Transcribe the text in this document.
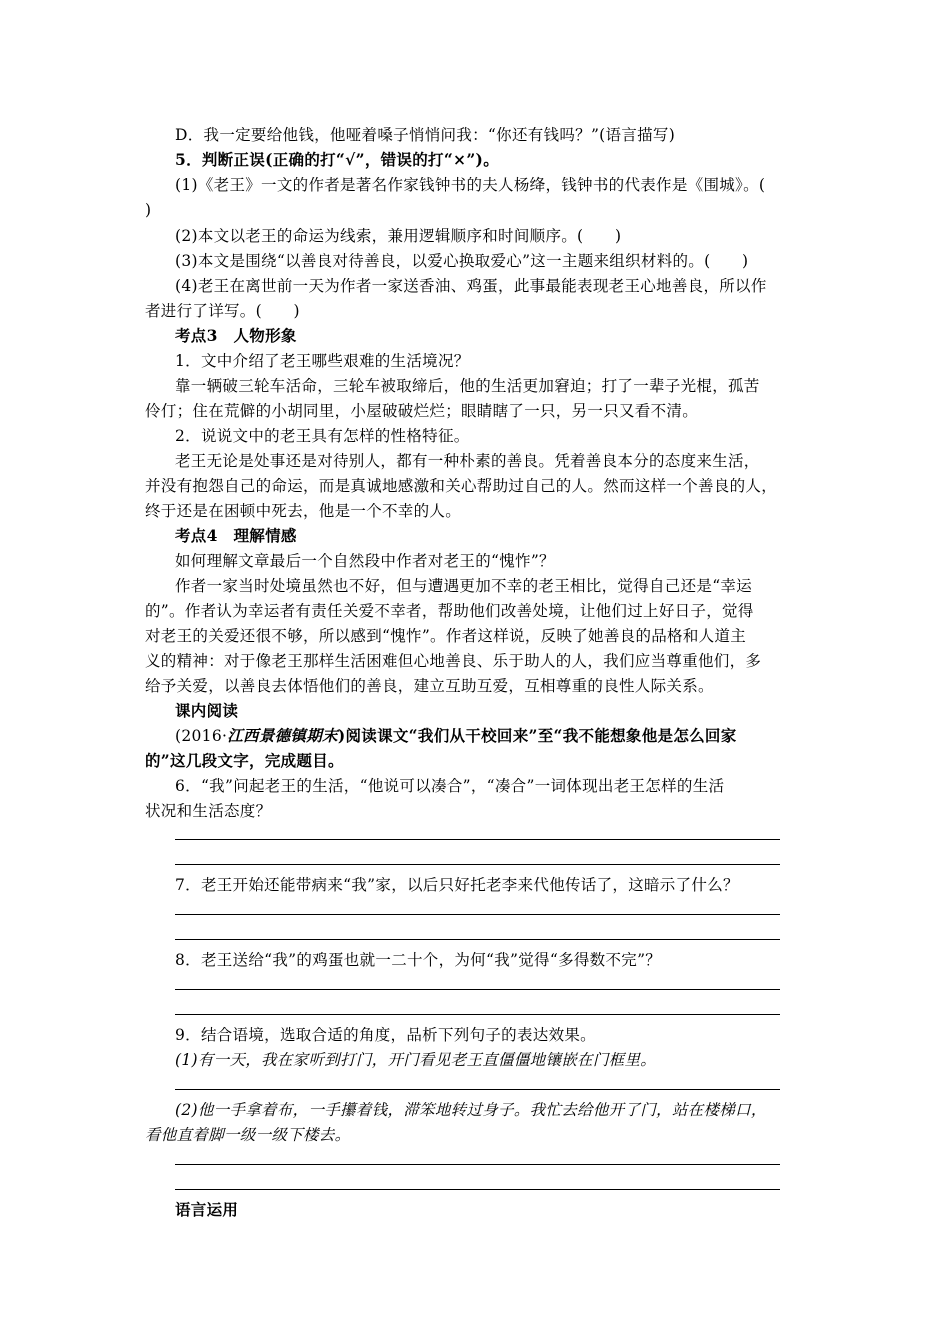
D．我一定要给他钱，他哑着嗓子悄悄问我：“你还有钱吗？”(语言描写)
5．判断正误(正确的打“√”，错误的打“×”)。
(1)《老王》一文的作者是著名作家钱钟书的夫人杨绛，钱钟书的代表作是《围城》。(
)
(2)本文以老王的命运为线索，兼用逻辑顺序和时间顺序。(　　)
(3)本文是围绕“以善良对待善良，以爱心换取爱心”这一主题来组织材料的。(　　)
(4)老王在离世前一天为作者一家送香油、鸡蛋，此事最能表现老王心地善良，所以作
者进行了详写。(　　)
考点3　人物形象
1．文中介绍了老王哪些艰难的生活境况？
靠一辆破三轮车活命，三轮车被取缔后，他的生活更加窘迫；打了一辈子光棍，孤苦
伶仃；住在荒僻的小胡同里，小屋破破烂烂；眼睛瞎了一只，另一只又看不清。
2．说说文中的老王具有怎样的性格特征。
老王无论是处事还是对待别人，都有一种朴素的善良。凭着善良本分的态度来生活，
并没有抱怨自己的命运，而是真诚地感激和关心帮助过自己的人。然而这样一个善良的人，
终于还是在困顿中死去，他是一个不幸的人。
考点4　理解情感
如何理解文章最后一个自然段中作者对老王的“愧怍”？
作者一家当时处境虽然也不好，但与遭遇更加不幸的老王相比，觉得自己还是“幸运
的”。作者认为幸运者有责任关爱不幸者，帮助他们改善处境，让他们过上好日子，觉得
对老王的关爱还很不够，所以感到“愧怍”。作者这样说，反映了她善良的品格和人道主
义的精神：对于像老王那样生活困难但心地善良、乐于助人的人，我们应当尊重他们，多
给予关爱，以善良去体悟他们的善良，建立互助互爱，互相尊重的良性人际关系。
课内阅读
(2016·江西景德镇期末)阅读课文“我们从干校回来”至“我不能想象他是怎么回家
的”这几段文字，完成题目。
6．“我”问起老王的生活，“他说可以凑合”，“凑合”一词体现出老王怎样的生活
状况和生活态度？
7．老王开始还能带病来“我”家，以后只好托老李来代他传话了，这暗示了什么？
8．老王送给“我”的鸡蛋也就一二十个，为何“我”觉得“多得数不完”？
9．结合语境，选取合适的角度，品析下列句子的表达效果。
(1)有一天，我在家听到打门，开门看见老王直僵僵地镶嵌在门框里。
(2)他一手拿着布，一手攥着钱，滞笨地转过身子。我忙去给他开了门，站在楼梯口，
看他直着脚一级一级下楼去。
语言运用
